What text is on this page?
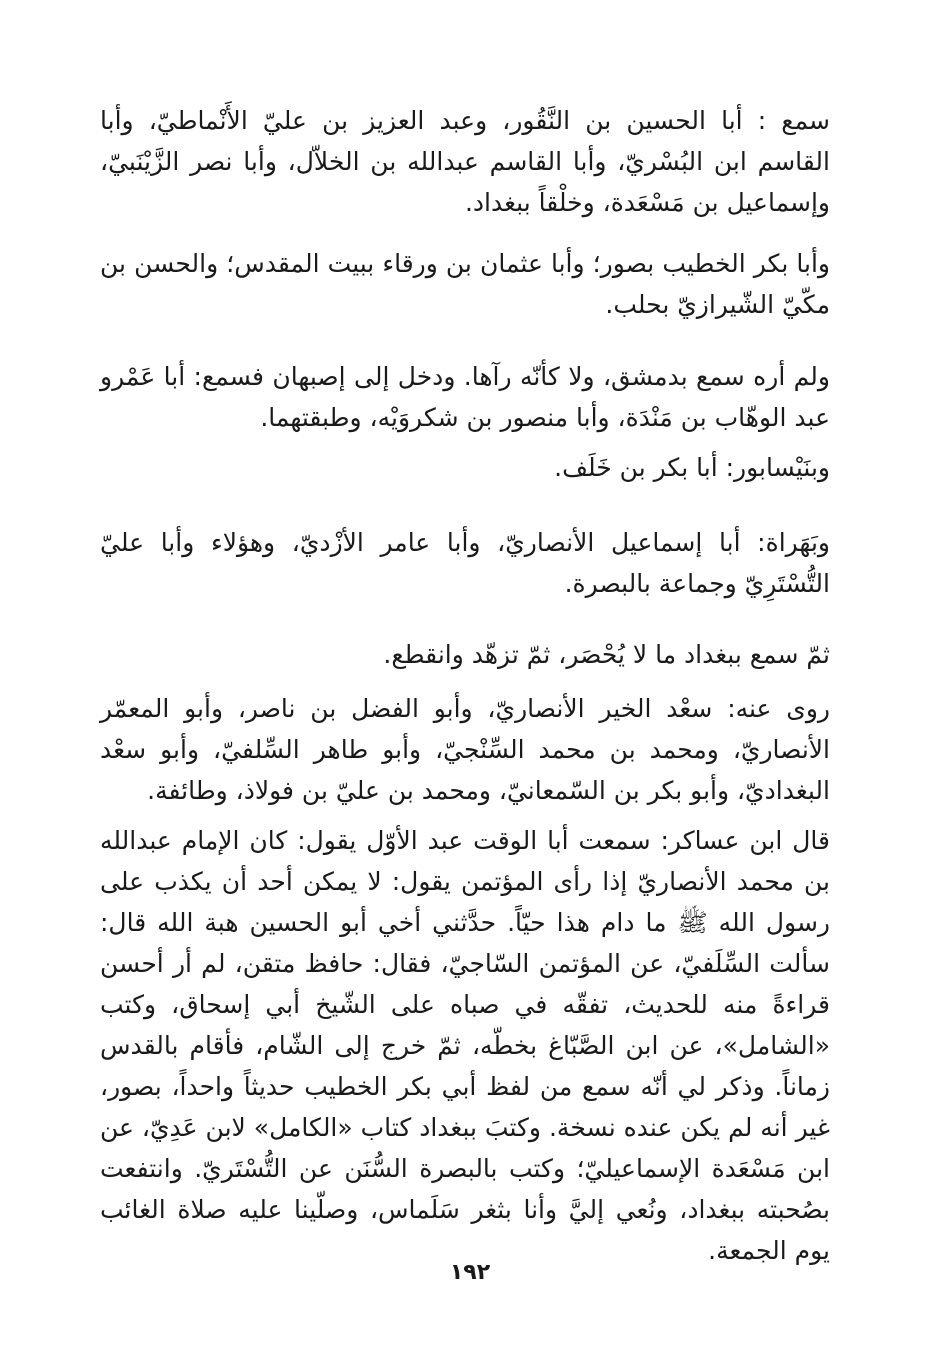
سمع : أبا الحسين بن النَّقُور، وعبد العزيز بن عليّ الأَنْماطيّ، وأبا القاسم ابن البُسْريّ، وأبا القاسم عبدالله بن الخلاّل، وأبا نصر الزَّيْنَبيّ، وإسماعيل بن مَسْعَدة، وخلْقاً ببغداد.

وأبا بكر الخطيب بصور؛ وأبا عثمان بن ورقاء ببيت المقدس؛ والحسن بن مكّيّ الشّيرازيّ بحلب.

ولم أره سمع بدمشق، ولا كأنّه رآها. ودخل إلى إصبهان فسمع: أبا عَمْرو عبد الوهّاب بن مَنْدَة، وأبا منصور بن شكروَيْه، وطبقتهما.

وبنَيْسابور: أبا بكر بن خَلَف.

وبَهَراة: أبا إسماعيل الأنصاريّ، وأبا عامر الأزْديّ، وهؤلاء وأبا عليّ التُّسْتَرِيّ وجماعة بالبصرة.

ثمّ سمع ببغداد ما لا يُحْصَر، ثمّ تزهّد وانقطع.

روى عنه: سعْد الخير الأنصاريّ، وأبو الفضل بن ناصر، وأبو المعمّر الأنصاريّ، ومحمد بن محمد السِّنْجيّ، وأبو طاهر السِّلفيّ، وأبو سعْد البغداديّ، وأبو بكر بن السّمعانيّ، ومحمد بن عليّ بن فولاذ، وطائفة.

قال ابن عساكر: سمعت أبا الوقت عبد الأوّل يقول: كان الإمام عبدالله بن محمد الأنصاريّ إذا رأى المؤتمن يقول: لا يمكن أحد أن يكذب على رسول الله ﷺ ما دام هذا حيّاً. حدَّثني أخي أبو الحسين هبة الله قال: سألت السِّلَفيّ، عن المؤتمن السّاجيّ، فقال: حافظ متقن، لم أر أحسن قراءةً منه للحديث، تفقّه في صباه على الشّيخ أبي إسحاق، وكتب «الشامل»، عن ابن الصَّبّاغ بخطّه، ثمّ خرج إلى الشّام، فأقام بالقدس زماناً. وذكر لي أنّه سمع من لفظ أبي بكر الخطيب حديثاً واحداً، بصور، غير أنه لم يكن عنده نسخة. وكتبَ ببغداد كتاب «الكامل» لابن عَدِيّ، عن ابن مَسْعَدة الإسماعيليّ؛ وكتب بالبصرة السُّنَن عن التُّسْتَريّ. وانتفعت بصُحبته ببغداد، ونُعي إليَّ وأنا بثغر سَلَماس، وصلّينا عليه صلاة الغائب يوم الجمعة.

١٩٢
